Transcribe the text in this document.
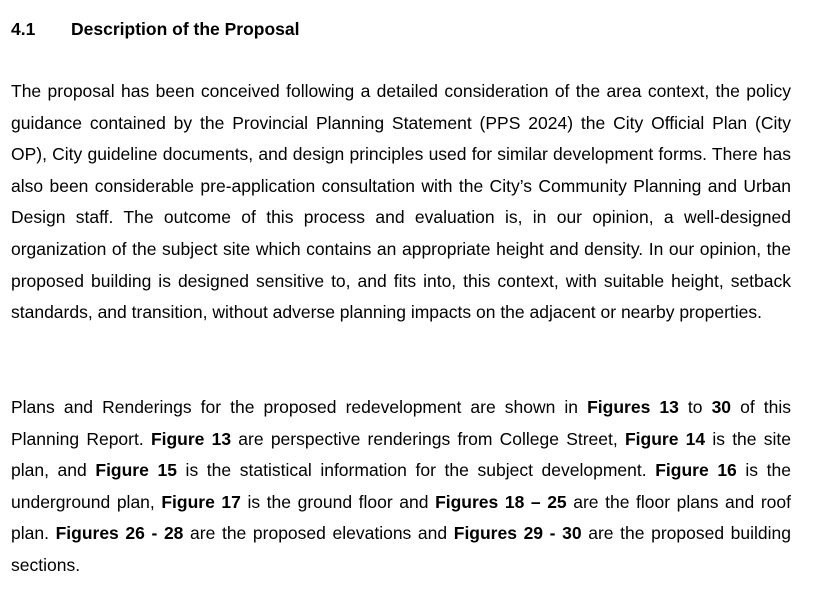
4.1 Description of the Proposal

The proposal has been conceived following a detailed consideration of the area context, the policy guidance contained by the Provincial Planning Statement (PPS 2024) the City Official Plan (City OP), City guideline documents, and design principles used for similar development forms. There has also been considerable pre-application consultation with the City’s Community Planning and Urban Design staff. The outcome of this process and evaluation is, in our opinion, a well-designed organization of the subject site which contains an appropriate height and density. In our opinion, the proposed building is designed sensitive to, and fits into, this context, with suitable height, setback standards, and transition, without adverse planning impacts on the adjacent or nearby properties.

Plans and Renderings for the proposed redevelopment are shown in Figures 13 to 30 of this Planning Report. Figure 13 are perspective renderings from College Street, Figure 14 is the site plan, and Figure 15 is the statistical information for the subject development. Figure 16 is the underground plan, Figure 17 is the ground floor and Figures 18 – 25 are the floor plans and roof plan. Figures 26 - 28 are the proposed elevations and Figures 29 - 30 are the proposed building sections.
